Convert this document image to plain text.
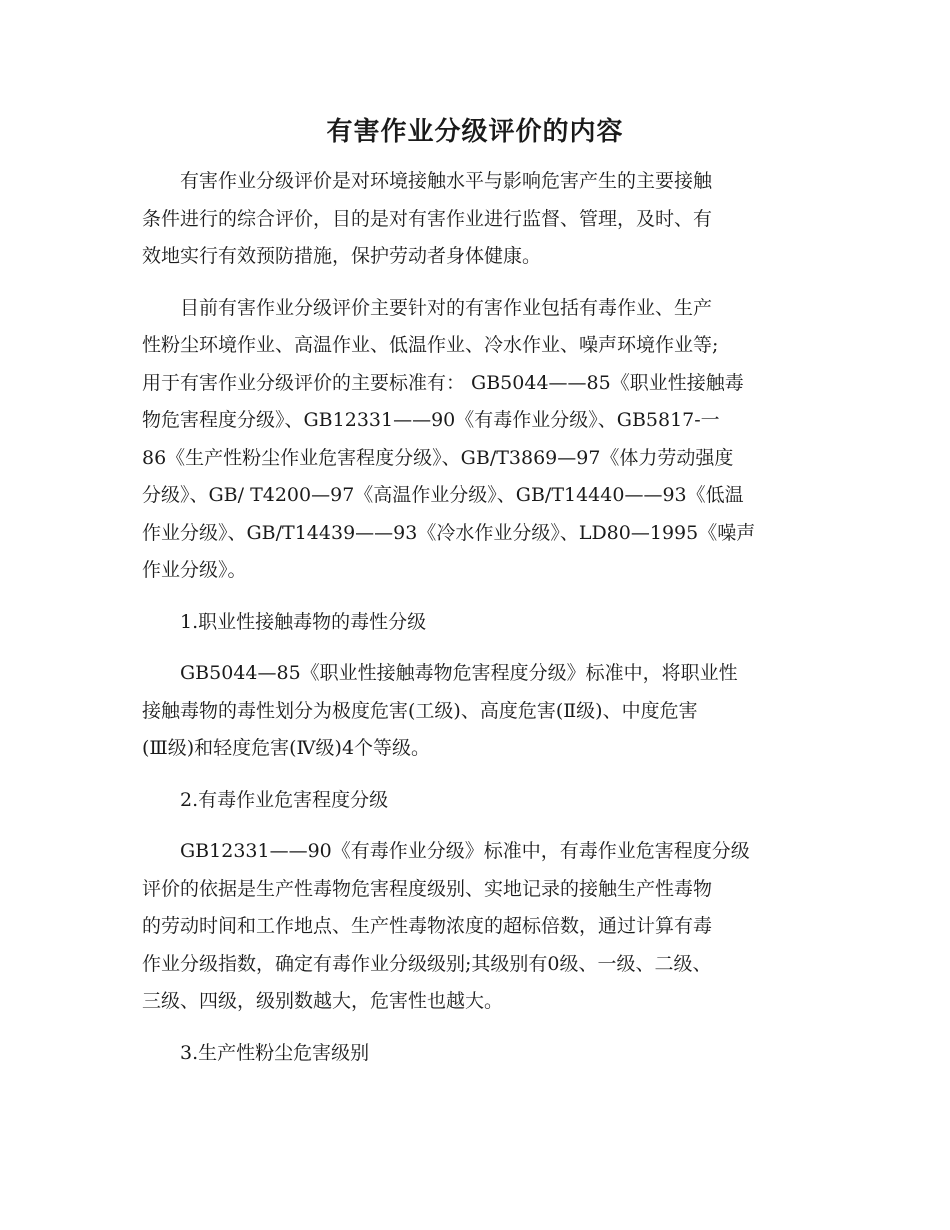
有害作业分级评价的内容

有害作业分级评价是对环境接触水平与影响危害产生的主要接触
条件进行的综合评价，目的是对有害作业进行监督、管理，及时、有
效地实行有效预防措施，保护劳动者身体健康。

目前有害作业分级评价主要针对的有害作业包括有毒作业、生产
性粉尘环境作业、高温作业、低温作业、冷水作业、噪声环境作业等;
用于有害作业分级评价的主要标准有： GB5044——85《职业性接触毒
物危害程度分级》、GB12331——90《有毒作业分级》、GB5817-一
86《生产性粉尘作业危害程度分级》、GB/T3869—97《体力劳动强度
分级》、GB/ T4200—97《高温作业分级》、GB/T14440——93《低温
作业分级》、GB/T14439——93《冷水作业分级》、LD80—1995《噪声
作业分级》。

1.职业性接触毒物的毒性分级

GB5044—85《职业性接触毒物危害程度分级》标准中，将职业性
接触毒物的毒性划分为极度危害(工级)、高度危害(Ⅱ级)、中度危害
(Ⅲ级)和轻度危害(Ⅳ级)4个等级。

2.有毒作业危害程度分级

GB12331——90《有毒作业分级》标准中，有毒作业危害程度分级
评价的依据是生产性毒物危害程度级别、实地记录的接触生产性毒物
的劳动时间和工作地点、生产性毒物浓度的超标倍数，通过计算有毒
作业分级指数，确定有毒作业分级级别;其级别有0级、一级、二级、
三级、四级，级别数越大，危害性也越大。

3.生产性粉尘危害级别
